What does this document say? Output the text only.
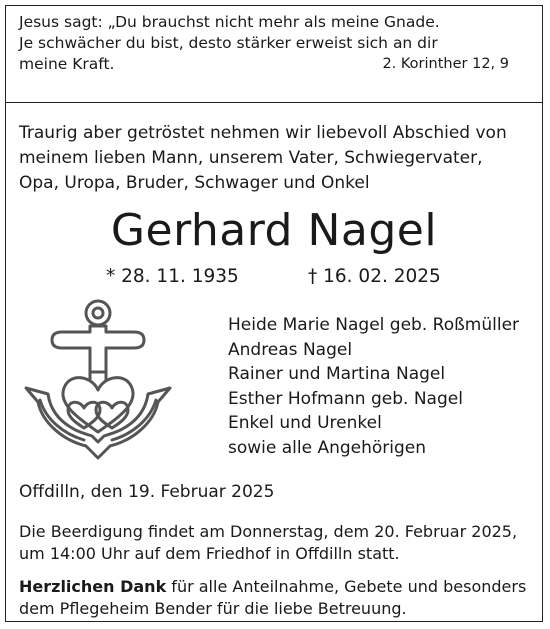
Jesus sagt: „Du brauchst nicht mehr als meine Gnade.
Je schwächer du bist, desto stärker erweist sich an dir
meine Kraft.	2. Korinther 12, 9
Traurig aber getröstet nehmen wir liebevoll Abschied von
meinem lieben Mann, unserem Vater, Schwiegervater,
Opa, Uropa, Bruder, Schwager und Onkel
Gerhard Nagel
* 28. 11. 1935	† 16. 02. 2025
Heide Marie Nagel geb. Roßmüller
Andreas Nagel
Rainer und Martina Nagel
Esther Hofmann geb. Nagel
Enkel und Urenkel
sowie alle Angehörigen
Offdilln, den 19. Februar 2025
Die Beerdigung findet am Donnerstag, dem 20. Februar 2025,
um 14:00 Uhr auf dem Friedhof in Offdilln statt.
Herzlichen Dank für alle Anteilnahme, Gebete und besonders
dem Pflegeheim Bender für die liebe Betreuung.
